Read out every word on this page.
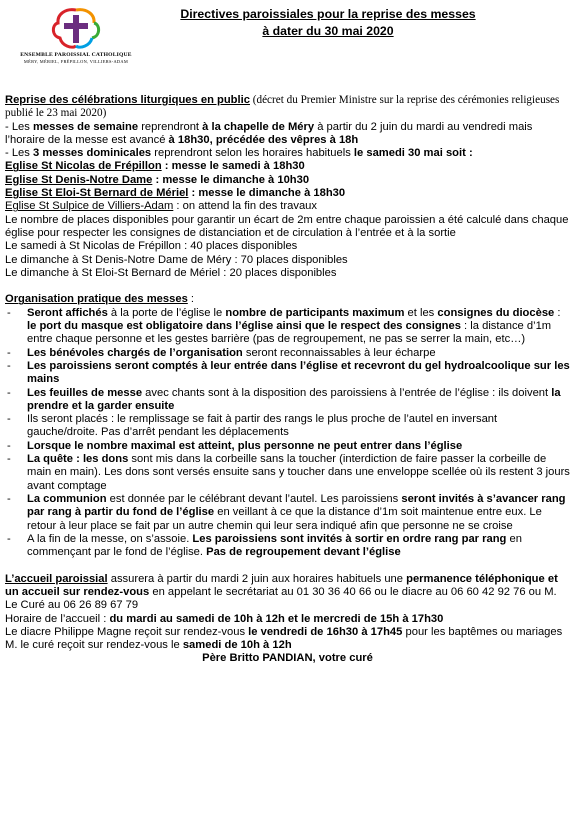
ENSEMBLE PAROISSIAL CATHOLIQUE
MÉRY, MÉRIEL, FRÉPILLON, VILLIERS-ADAM
Directives paroissiales pour la reprise des messes
à dater du 30 mai 2020

Reprise des célébrations liturgiques en public (décret du Premier Ministre sur la reprise des cérémonies religieuses publié le 23 mai 2020)

- Les messes de semaine reprendront à la chapelle de Méry à partir du 2 juin du mardi au vendredi mais l’horaire de la messe est avancé à 18h30, précédée des vêpres à 18h

- Les 3 messes dominicales reprendront selon les horaires habituels le samedi 30 mai soit :

Eglise St Nicolas de Frépillon : messe le samedi à 18h30

Eglise St Denis-Notre Dame : messe le dimanche à 10h30

Eglise St Eloi-St Bernard de Mériel : messe le dimanche à 18h30

Eglise St Sulpice de Villiers-Adam : on attend la fin des travaux

Le nombre de places disponibles pour garantir un écart de 2m entre chaque paroissien a été calculé dans chaque église pour respecter les consignes de distanciation et de circulation à l’entrée et à la sortie

Le samedi à St Nicolas de Frépillon : 40 places disponibles

Le dimanche à St Denis-Notre Dame de Méry : 70 places disponibles

Le dimanche à St Eloi-St Bernard de Mériel : 20 places disponibles

Organisation pratique des messes :

- Seront affichés à la porte de l’église le nombre de participants maximum et les consignes du diocèse : le port du masque est obligatoire dans l’église ainsi que le respect des consignes : la distance d’1m entre chaque personne et les gestes barrière (pas de regroupement, ne pas se serrer la main, etc…)
- Les bénévoles chargés de l’organisation seront reconnaissables à leur écharpe
- Les paroissiens seront comptés à leur entrée dans l’église et recevront du gel hydroalcoolique sur les mains
- Les feuilles de messe avec chants sont à la disposition des paroissiens à l’entrée de l’église : ils doivent la prendre et la garder ensuite
- Ils seront placés : le remplissage se fait à partir des rangs le plus proche de l’autel en inversant gauche/droite. Pas d’arrêt pendant les déplacements
- Lorsque le nombre maximal est atteint, plus personne ne peut entrer dans l’église
- La quête : les dons sont mis dans la corbeille sans la toucher (interdiction de faire passer la corbeille de main en main). Les dons sont versés ensuite sans y toucher dans une enveloppe scellée où ils restent 3 jours avant comptage
- La communion est donnée par le célébrant devant l’autel. Les paroissiens seront invités à s’avancer rang par rang à partir du fond de l’église en veillant à ce que la distance d’1m soit maintenue entre eux. Le retour à leur place se fait par un autre chemin qui leur sera indiqué afin que personne ne se croise
- A la fin de la messe, on s’assoie. Les paroissiens sont invités à sortir en ordre rang par rang en commençant par le fond de l’église. Pas de regroupement devant l’église

L’accueil paroissial assurera à partir du mardi 2 juin aux horaires habituels une permanence téléphonique et un accueil sur rendez-vous en appelant le secrétariat au 01 30 36 40 66 ou le diacre au 06 60 42 92 76 ou M. Le Curé au 06 26 89 67 79

Horaire de l’accueil : du mardi au samedi de 10h à 12h et le mercredi de 15h à 17h30

Le diacre Philippe Magne reçoit sur rendez-vous le vendredi de 16h30 à 17h45 pour les baptêmes ou mariages

M. le curé reçoit sur rendez-vous le samedi de 10h à 12h

Père Britto PANDIAN, votre curé
